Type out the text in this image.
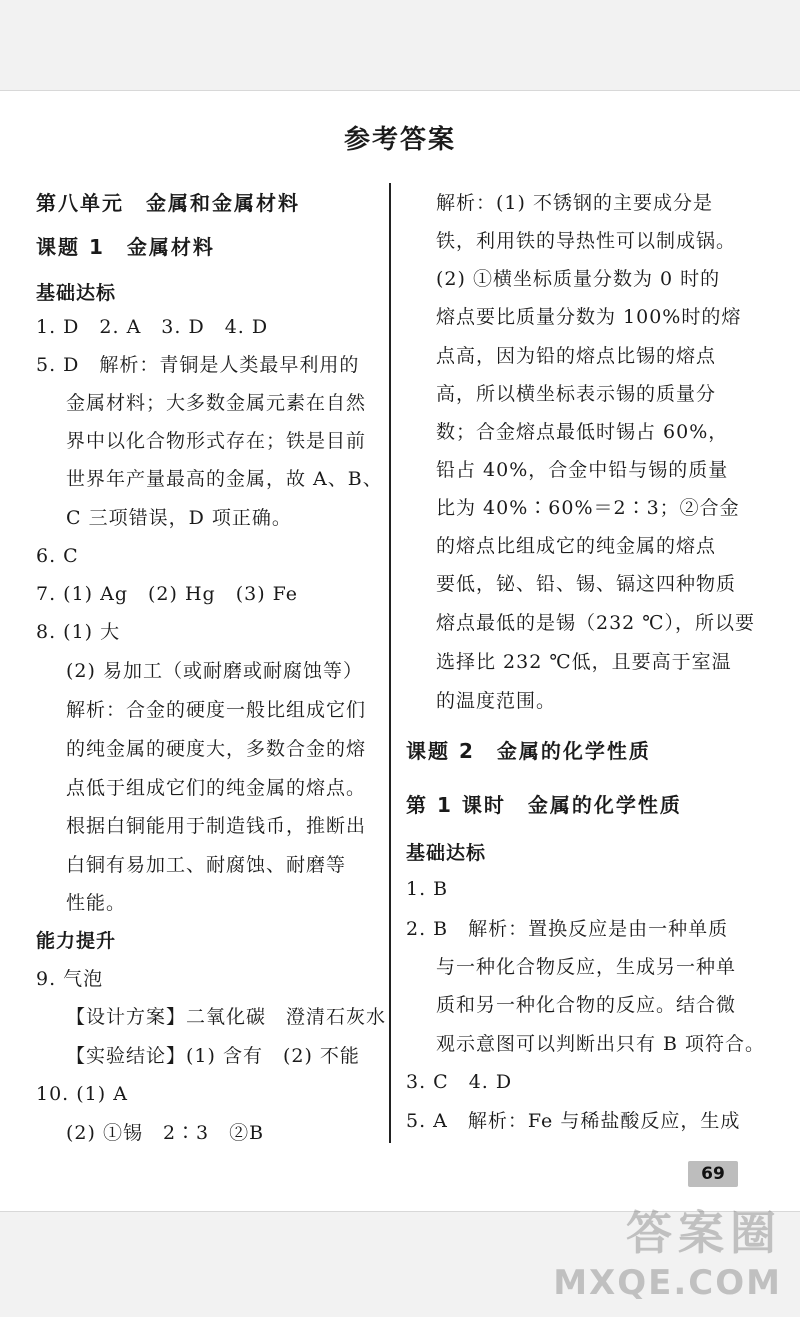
参考答案
第八单元　金属和金属材料
课题 1　金属材料
基础达标
1. D　2. A　3. D　4. D
5. D　解析：青铜是人类最早利用的
金属材料；大多数金属元素在自然
界中以化合物形式存在；铁是目前
世界年产量最高的金属，故 A、B、
C 三项错误，D 项正确。
6. C
7. (1) Ag　(2) Hg　(3) Fe
8. (1) 大
(2) 易加工（或耐磨或耐腐蚀等）
解析：合金的硬度一般比组成它们
的纯金属的硬度大，多数合金的熔
点低于组成它们的纯金属的熔点。
根据白铜能用于制造钱币，推断出
白铜有易加工、耐腐蚀、耐磨等
性能。
能力提升
9. 气泡
【设计方案】二氧化碳　澄清石灰水
【实验结论】(1) 含有　(2) 不能
10. (1) A
(2) ①锡　2∶3　②B
解析：(1) 不锈钢的主要成分是
铁，利用铁的导热性可以制成锅。
(2) ①横坐标质量分数为 0 时的
熔点要比质量分数为 100%时的熔
点高，因为铅的熔点比锡的熔点
高，所以横坐标表示锡的质量分
数；合金熔点最低时锡占 60%，
铅占 40%，合金中铅与锡的质量
比为 40%∶60%＝2∶3；②合金
的熔点比组成它的纯金属的熔点
要低，铋、铅、锡、镉这四种物质
熔点最低的是锡（232 ℃），所以要
选择比 232 ℃低，且要高于室温
的温度范围。
课题 2　金属的化学性质
第 1 课时　金属的化学性质
基础达标
1. B
2. B　解析：置换反应是由一种单质
与一种化合物反应，生成另一种单
质和另一种化合物的反应。结合微
观示意图可以判断出只有 B 项符合。
3. C　4. D
5. A　解析：Fe 与稀盐酸反应，生成
69
答案圈
MXQE.COM
